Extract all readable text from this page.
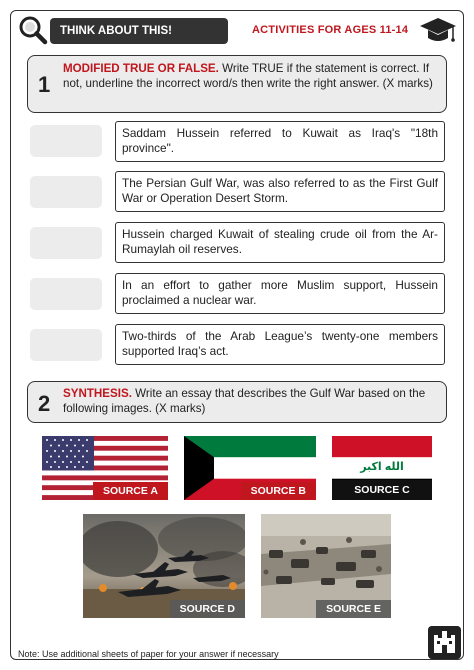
THINK ABOUT THIS!	ACTIVITIES FOR AGES 11-14
1
MODIFIED TRUE OR FALSE. Write TRUE if the statement is correct. If not, underline the incorrect word/s then write the right answer. (X marks)
Saddam Hussein referred to Kuwait as Iraq's "18th province".
The Persian Gulf War, was also referred to as the First Gulf War or Operation Desert Storm.
Hussein charged Kuwait of stealing crude oil from the Ar-Rumaylah oil reserves.
In an effort to gather more Muslim support, Hussein proclaimed a nuclear war.
Two-thirds of the Arab League’s twenty-one members supported Iraq’s act.
2 SYNTHESIS. Write an essay that describes the Gulf War based on the following images. (X marks)
SOURCE A	SOURCE B
الله اكبر
SOURCE C
SOURCE D	SOURCE E
Note: Use additional sheets of paper for your answer if necessary
